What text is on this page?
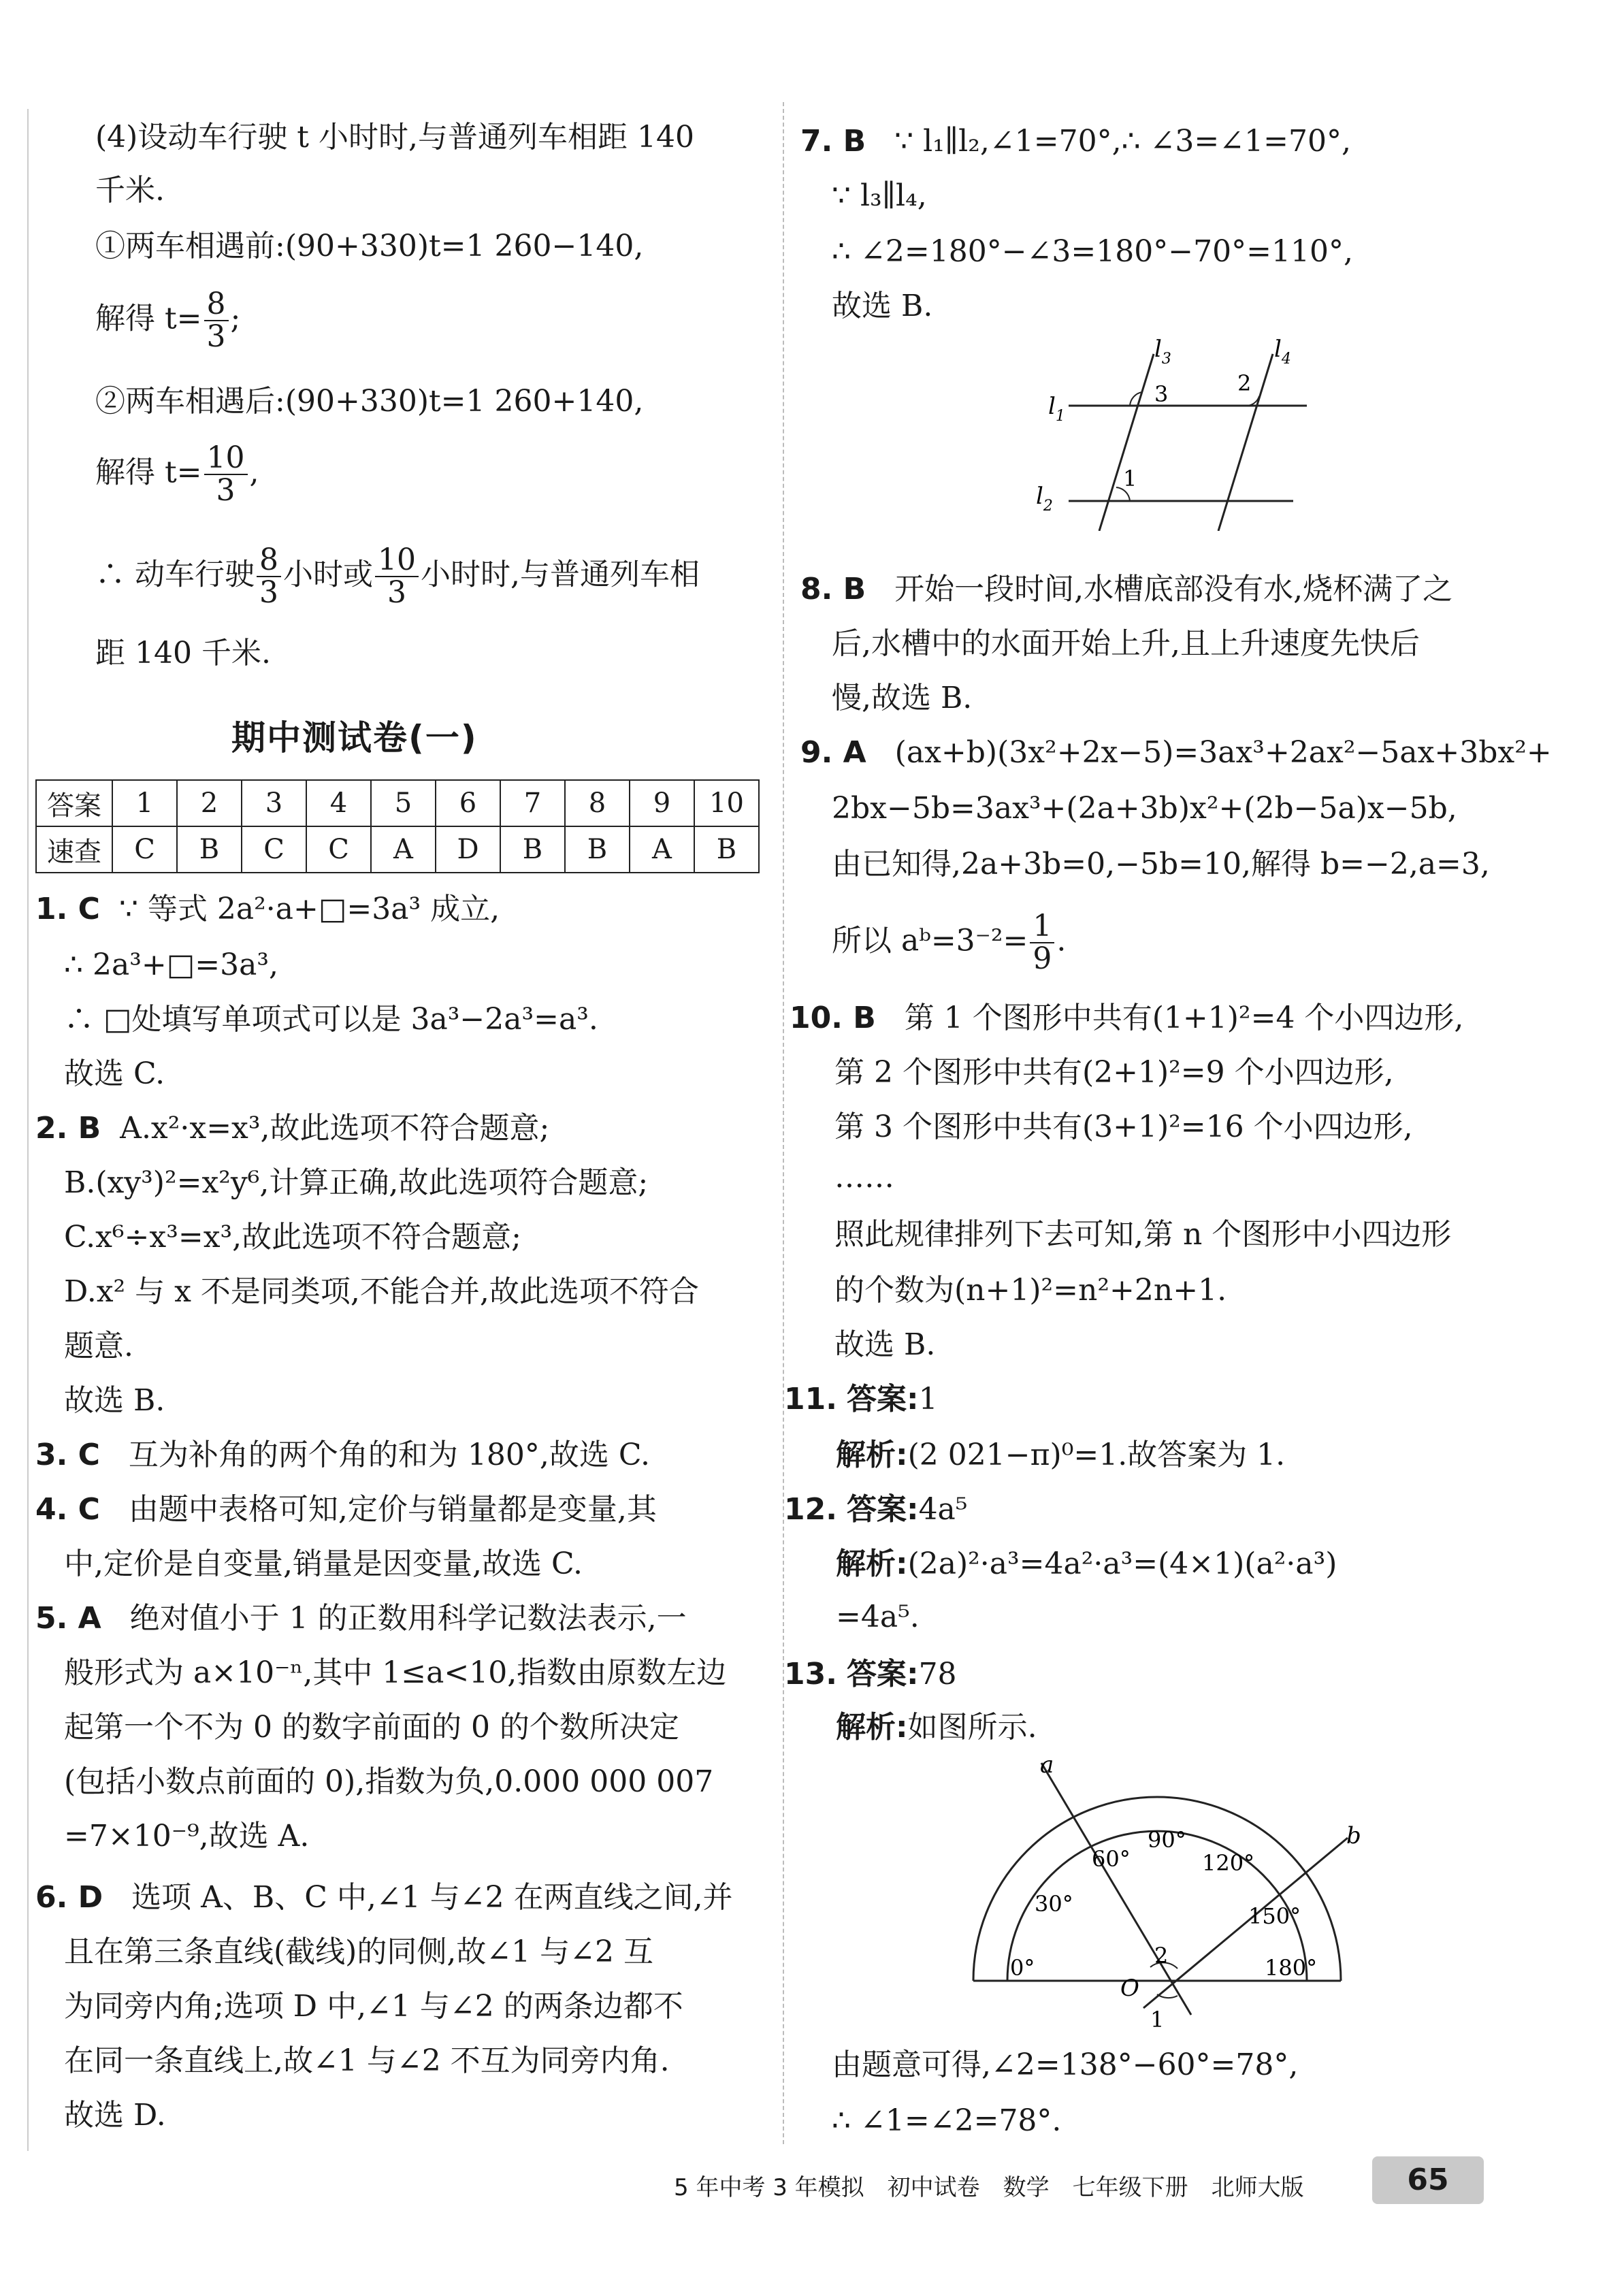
(4)设动车行驶 t 小时时,与普通列车相距 140
千米.
①两车相遇前:(90+330)t=1 260−140,
解得 $t= \frac{8}{3}$ ;
②两车相遇后:(90+330)t=1 260+140,
解得 $t= \frac{10}{3}$ ,
∴ 动车行驶 $\frac{8}{3}$ 小时或 $\frac{10}{3}$ 小时时,与普通列车相
距 140 千米.
期中测试卷(一)
答案	1	2	3	4	5	6	7	8	9	10
速查	C	B	C	C	A	D	B	B	A	B
1. C ∵ 等式 2a²·a+□=3a³ 成立,
∴ 2a³+□=3a³,
∴ □处填写单项式可以是 3a³−2a³=a³.
故选 C.
2. B A.x²·x=x³,故此选项不符合题意;
B.(xy³)²=x²y⁶,计算正确,故此选项符合题意;
C.x⁶÷x³=x³,故此选项不符合题意;
D.x² 与 x 不是同类项,不能合并,故此选项不符合
题意.
故选 B.
3. C 互为补角的两个角的和为 180°,故选 C.
4. C 由题中表格可知,定价与销量都是变量,其
中,定价是自变量,销量是因变量,故选 C.
5. A 绝对值小于 1 的正数用科学记数法表示,一
般形式为 a×10⁻ⁿ,其中 1≤a<10,指数由原数左边
起第一个不为 0 的数字前面的 0 的个数所决定
(包括小数点前面的 0),指数为负,0.000 000 007
=7×10⁻⁹,故选 A.
6. D 选项 A、B、C 中,∠1 与∠2 在两直线之间,并
且在第三条直线(截线)的同侧,故∠1 与∠2 互
为同旁内角;选项 D 中,∠1 与∠2 的两条边都不
在同一条直线上,故∠1 与∠2 不互为同旁内角.
故选 D.
7. B ∵ l₁∥l₂,∠1=70°,∴ ∠3=∠1=70°,
∵ l₃∥l₄,
∴ ∠2=180°−∠3=180°−70°=110°,
故选 B.
$l_1$
$l_2$
$l_3$	$l_4$
3	2
1
8. B 开始一段时间,水槽底部没有水,烧杯满了之
后,水槽中的水面开始上升,且上升速度先快后
慢,故选 B.
9. A (ax+b)(3x²+2x−5)=3ax³+2ax²−5ax+3bx²+
2bx−5b=3ax³+(2a+3b)x²+(2b−5a)x−5b,
由已知得,2a+3b=0,−5b=10,解得 b=−2,a=3,
所以 aᵇ=3⁻²= $\frac{1}{9}$ .
10. B 第 1 个图形中共有(1+1)²=4 个小四边形,
第 2 个图形中共有(2+1)²=9 个小四边形,
第 3 个图形中共有(3+1)²=16 个小四边形,
……
照此规律排列下去可知,第 n 个图形中小四边形
的个数为(n+1)²=n²+2n+1.
故选 B.
11. 答案:1
解析:(2 021−π)⁰=1.故答案为 1.
12. 答案:4a⁵
解析:(2a)²·a³=4a²·a³=(4×1)(a²·a³)
=4a⁵.
13. 答案:78
解析:如图所示.
a
b
O
0°
30°
60°
90°
120°
150°
180°
2
1
由题意可得,∠2=138°−60°=78°,
∴ ∠1=∠2=78°.
5 年中考 3 年模拟　初中试卷　数学　七年级下册　北师大版	65
